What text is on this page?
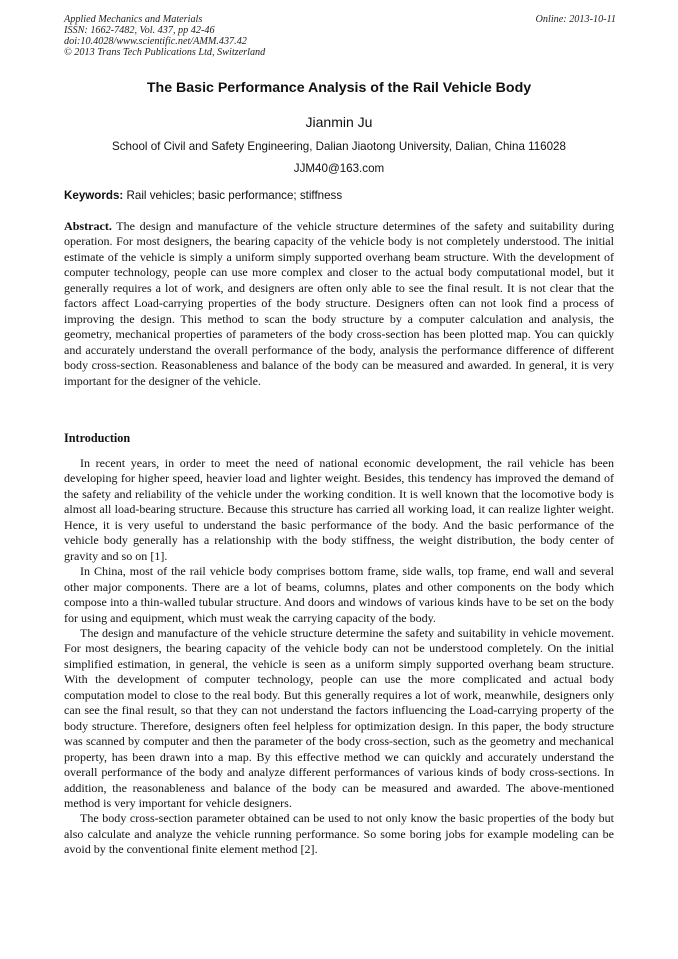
Applied Mechanics and Materials
ISSN: 1662-7482, Vol. 437, pp 42-46
doi:10.4028/www.scientific.net/AMM.437.42
© 2013 Trans Tech Publications Ltd, Switzerland
Online: 2013-10-11
The Basic Performance Analysis of the Rail Vehicle Body
Jianmin Ju
School of Civil and Safety Engineering, Dalian Jiaotong University, Dalian, China 116028
JJM40@163.com
Keywords: Rail vehicles; basic performance; stiffness

Abstract. The design and manufacture of the vehicle structure determines of the safety and suitability during operation. For most designers, the bearing capacity of the vehicle body is not completely understood. The initial estimate of the vehicle is simply a uniform simply supported overhang beam structure. With the development of computer technology, people can use more complex and closer to the actual body computational model, but it generally requires a lot of work, and designers are often only able to see the final result. It is not clear that the factors affect Load-carrying properties of the body structure. Designers often can not look find a process of improving the design. This method to scan the body structure by a computer calculation and analysis, the geometry, mechanical properties of parameters of the body cross-section has been plotted map. You can quickly and accurately understand the overall performance of the body, analysis the performance difference of different body cross-section. Reasonableness and balance of the body can be measured and awarded. In general, it is very important for the designer of the vehicle.

Introduction

In recent years, in order to meet the need of national economic development, the rail vehicle has been developing for higher speed, heavier load and lighter weight. Besides, this tendency has improved the demand of the safety and reliability of the vehicle under the working condition. It is well known that the locomotive body is almost all load-bearing structure. Because this structure has carried all working load, it can realize lighter weight. Hence, it is very useful to understand the basic performance of the body. And the basic performance of the vehicle body generally has a relationship with the body stiffness, the weight distribution, the body center of gravity and so on [1].

In China, most of the rail vehicle body comprises bottom frame, side walls, top frame, end wall and several other major components. There are a lot of beams, columns, plates and other components on the body which compose into a thin-walled tubular structure. And doors and windows of various kinds have to be set on the body for using and equipment, which must weak the carrying capacity of the body.

The design and manufacture of the vehicle structure determine the safety and suitability in vehicle movement. For most designers, the bearing capacity of the vehicle body can not be understood completely. On the initial simplified estimation, in general, the vehicle is seen as a uniform simply supported overhang beam structure. With the development of computer technology, people can use the more complicated and actual body computation model to close to the real body. But this generally requires a lot of work, meanwhile, designers only can see the final result, so that they can not understand the factors influencing the Load-carrying property of the body structure. Therefore, designers often feel helpless for optimization design. In this paper, the body structure was scanned by computer and then the parameter of the body cross-section, such as the geometry and mechanical property, has been drawn into a map. By this effective method we can quickly and accurately understand the overall performance of the body and analyze different performances of various kinds of body cross-sections. In addition, the reasonableness and balance of the body can be measured and awarded. The above-mentioned method is very important for vehicle designers.

The body cross-section parameter obtained can be used to not only know the basic properties of the body but also calculate and analyze the vehicle running performance. So some boring jobs for example modeling can be avoid by the conventional finite element method [2].
